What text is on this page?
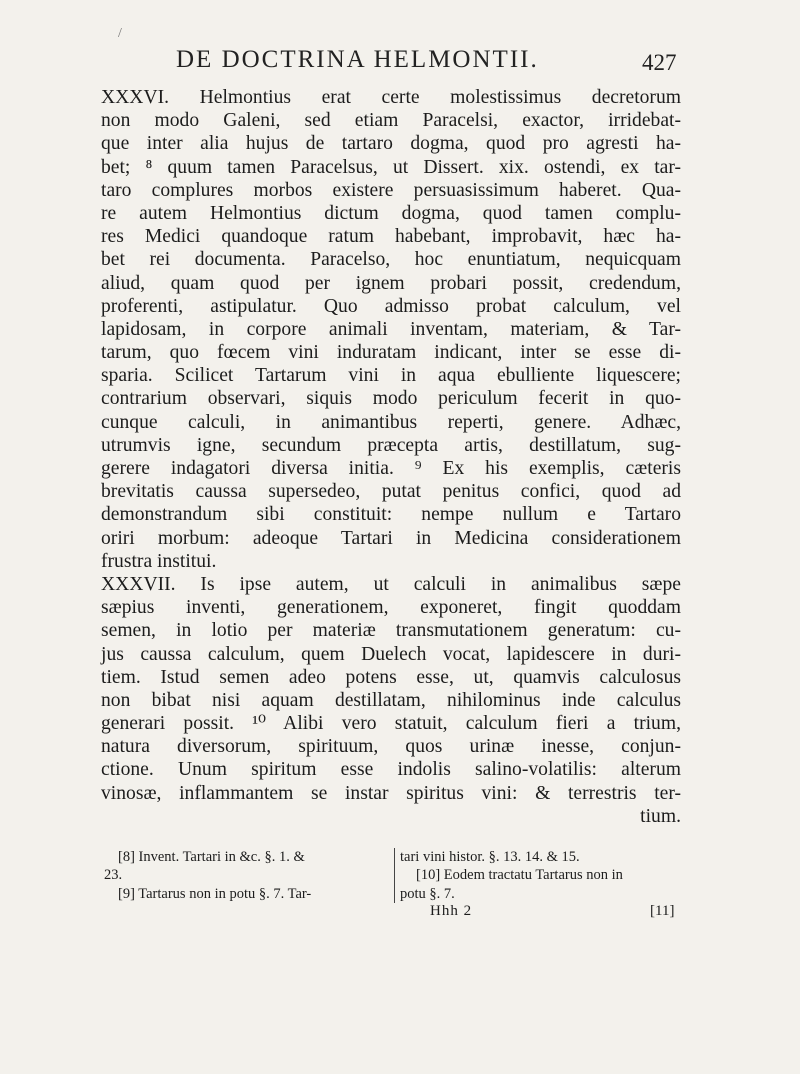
/
DE DOCTRINA HELMONTII.	427
XXXVI. Helmontius erat certe molestissimus decretorum
non modo Galeni, sed etiam Paracelsi, exactor, irridebat-
que inter alia hujus de tartaro dogma, quod pro agresti ha-
bet; ⁸ quum tamen Paracelsus, ut Dissert. xix. ostendi, ex tar-
taro complures morbos existere persuasissimum haberet. Qua-
re autem Helmontius dictum dogma, quod tamen complu-
res Medici quandoque ratum habebant, improbavit, hæc ha-
bet rei documenta. Paracelso, hoc enuntiatum, nequicquam
aliud, quam quod per ignem probari possit, credendum,
proferenti, astipulatur. Quo admisso probat calculum, vel
lapidosam, in corpore animali inventam, materiam, & Tar-
tarum, quo fœcem vini induratam indicant, inter se esse di-
sparia. Scilicet Tartarum vini in aqua ebulliente liquescere;
contrarium observari, siquis modo periculum fecerit in quo-
cunque calculi, in animantibus reperti, genere. Adhæc,
utrumvis igne, secundum præcepta artis, destillatum, sug-
gerere indagatori diversa initia. ⁹ Ex his exemplis, cæteris
brevitatis caussa supersedeo, putat penitus confici, quod ad
demonstrandum sibi constituit: nempe nullum e Tartaro
oriri morbum: adeoque Tartari in Medicina considerationem
frustra institui.
XXXVII. Is ipse autem, ut calculi in animalibus sæpe
sæpius inventi, generationem, exponeret, fingit quoddam
semen, in lotio per materiæ transmutationem generatum: cu-
jus caussa calculum, quem Duelech vocat, lapidescere in duri-
tiem. Istud semen adeo potens esse, ut, quamvis calculosus
non bibat nisi aquam destillatam, nihilominus inde calculus
generari possit. ¹⁰ Alibi vero statuit, calculum fieri a trium,
natura diversorum, spirituum, quos urinæ inesse, conjun-
ctione. Unum spiritum esse indolis salino-volatilis: alterum
vinosæ, inflammantem se instar spiritus vini: & terrestris ter-
tium.
[8] Invent. Tartari in &c. §. 1. &
23.
[9] Tartarus non in potu §. 7. Tar-
tari vini histor. §. 13. 14. & 15.
[10] Eodem tractatu Tartarus non in
potu §. 7.
Hhh 2	[11]
